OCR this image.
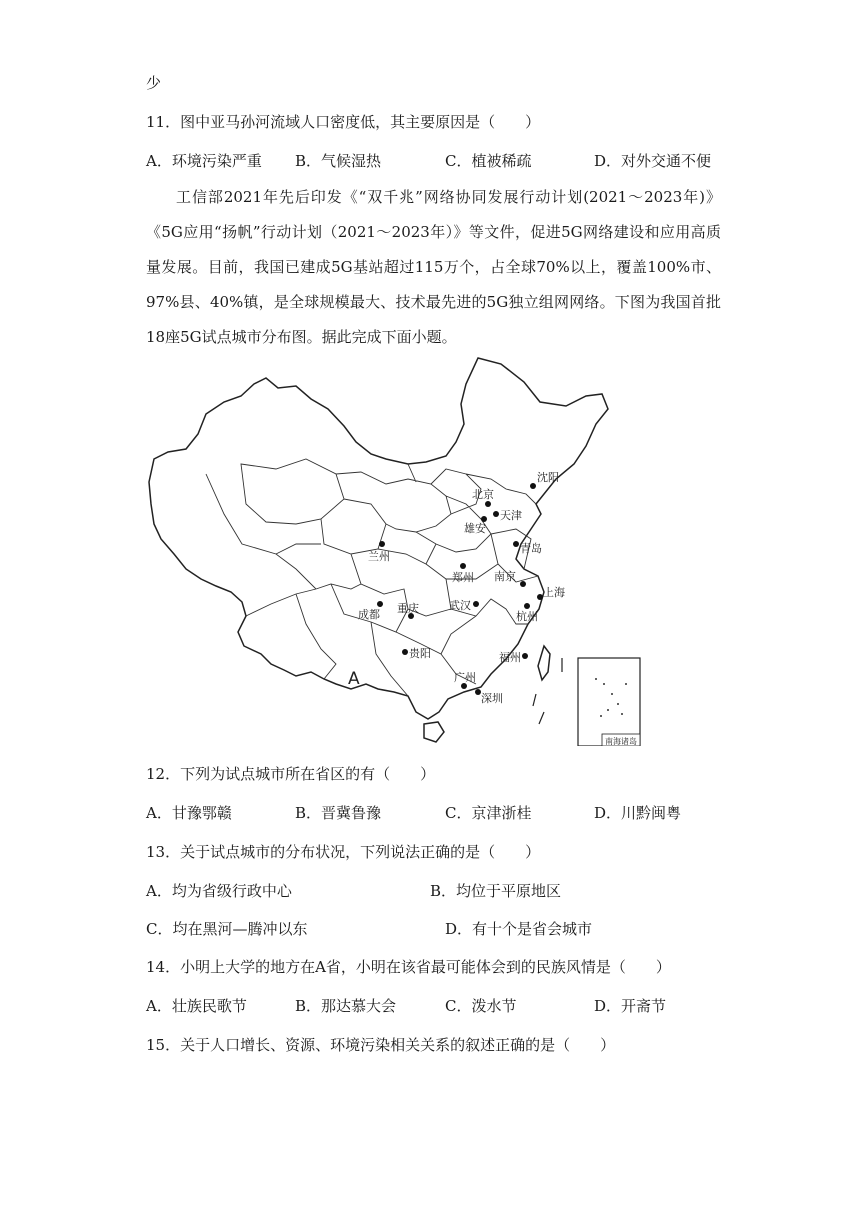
少
11．图中亚马孙河流域人口密度低，其主要原因是（　　）
A．环境污染严重 B．气候湿热	C．植被稀疏	D．对外交通不便
工信部2021年先后印发《“双千兆”网络协同发展行动计划(2021～2023年)》《5G应用“扬帆”行动计划（2021～2023年）》等文件，促进5G网络建设和应用高质量发展。目前，我国已建成5G基站超过115万个，占全球70%以上，覆盖100%市、97%县、40%镇，是全球规模最大、技术最先进的5G独立组网网络。下图为我国首批18座5G试点城市分布图。据此完成下面小题。
南海诸岛
A
沈阳
北京
天津
雄安
青岛
兰州
郑州 南京
上海
武汉
成都 重庆
杭州
贵阳	福州
广州
深圳
12．下列为试点城市所在省区的有（　　）
A．甘豫鄂赣	B．晋冀鲁豫	C．京津浙桂	D．川黔闽粤
13．关于试点城市的分布状况，下列说法正确的是（　　）
A．均为省级行政中心	B．均位于平原地区
C．均在黑河—腾冲以东	D．有十个是省会城市
14．小明上大学的地方在A省，小明在该省最可能体会到的民族风情是（　　）
A．壮族民歌节	B．那达慕大会	C．泼水节	D．开斋节
15．关于人口增长、资源、环境污染相关关系的叙述正确的是（　　）
